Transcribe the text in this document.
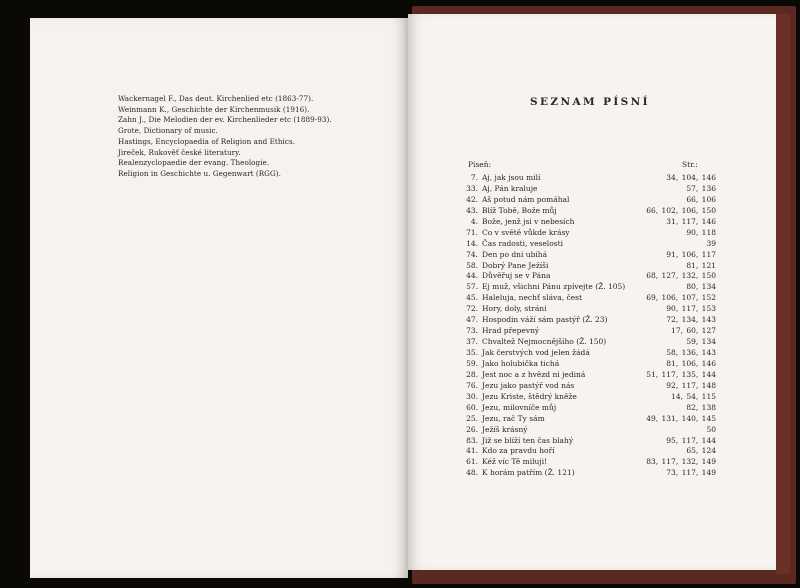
Wackernagel F., Das deut. Kirchenlied etc (1863-77).
Weinmann K., Geschichte der Kirchenmusik (1916).
Zahn J., Die Melodien der ev. Kirchenlieder etc (1889-93).
Grote, Dictionary of music.
Hastings, Encyclopaedia of Religion and Ethics.
Jireček, Rukověť české literatury.
Realenzyclopaedie der evang. Theologie.
Religion in Geschichte u. Gegenwart (RGG).
SEZNAM PÍSNÍ
Píseň:	Str.:
7. Aj, jak jsou milí	34, 104, 146
33. Aj, Pán kraluje	57, 136
42. Aš potud nám pomáhal	66, 106
43. Blíž Tobě, Bože můj	66, 102, 106, 150
4. Bože, jenž jsi v nebesích	31, 117, 146
71. Co v světě vůkde krásy	90, 118
14. Čas radosti, veselosti	39
74. Den po dni ubíhá	91, 106, 117
58. Dobrý Pane Ježíši	81, 121
44. Důvěřuj se v Pána	68, 127, 132, 150
57. Ej muž, všichni Pánu zpívejte (Ž. 105)	80, 134
45. Haleluja, nechť sláva, čest	69, 106, 107, 152
72. Hory, doly, strání	90, 117, 153
47. Hospodin váží sám pastýř (Ž. 23)	72, 134, 143
73. Hrad přepevný	17, 60, 127
37. Chvaltež Nejmocnějšího (Ž. 150)	59, 134
35. Jak čerstvých vod jelen žádá	58, 136, 143
59. Jako holubička tichá	81, 106, 146
28. Jest noc a z hvězd ni jediná	51, 117, 135, 144
76. Jezu jako pastýř vod nás	92, 117, 148
30. Jezu Kriste, štědrý kněže	14, 54, 115
60. Jezu, milovníče můj	82, 138
25. Jezu, rač Ty sám	49, 131, 140, 145
26. Ježíš krásný	50
83. Již se blíží ten čas blahý	95, 117, 144
41. Kdo za pravdu hoří	65, 124
61. Kéž víc Tě miluji!	83, 117, 132, 149
48. K horám patřím (Ž. 121)	73, 117, 149
